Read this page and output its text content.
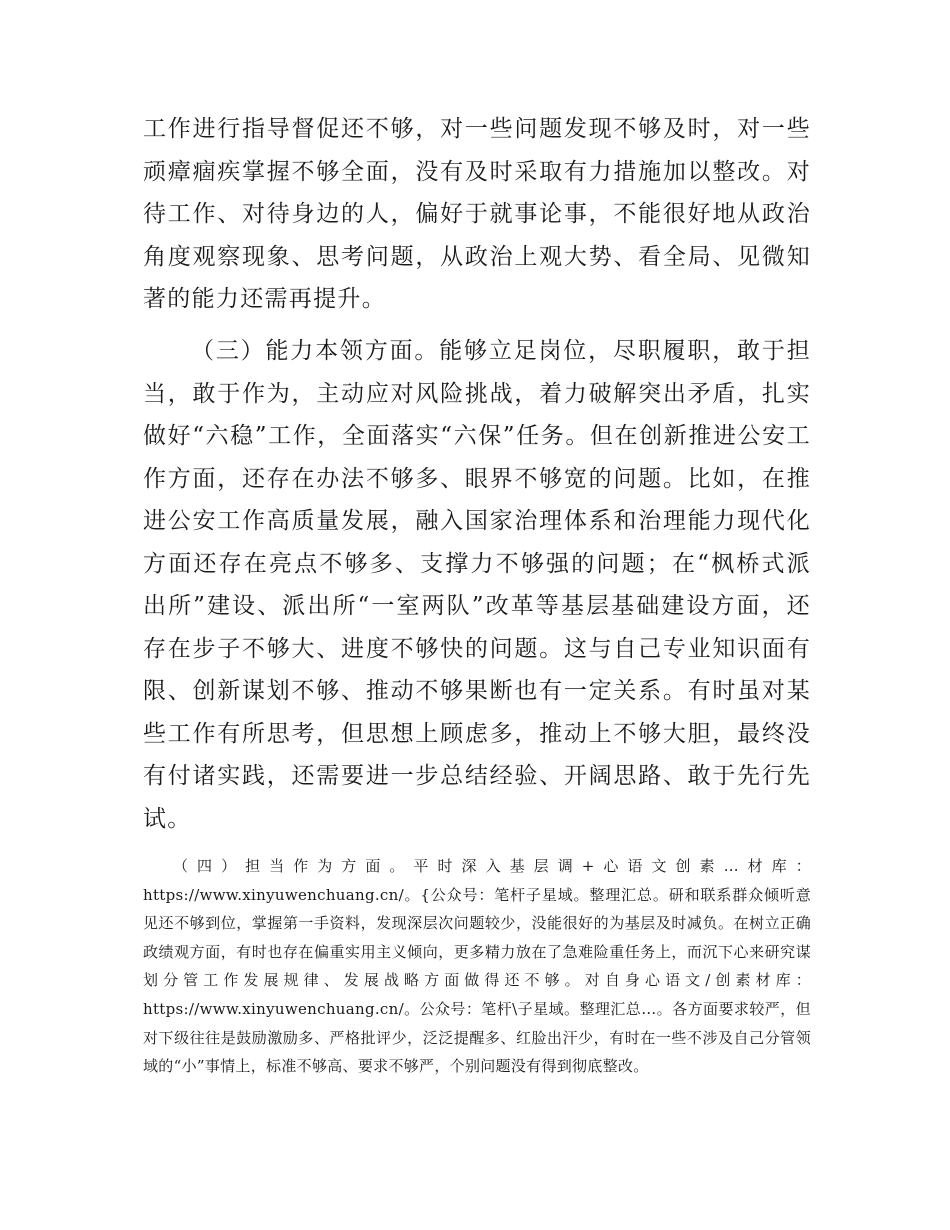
工作进行指导督促还不够，对一些问题发现不够及时，对一些顽瘴痼疾掌握不够全面，没有及时采取有力措施加以整改。对待工作、对待身边的人，偏好于就事论事，不能很好地从政治角度观察现象、思考问题，从政治上观大势、看全局、见微知著的能力还需再提升。

（三）能力本领方面。能够立足岗位，尽职履职，敢于担当，敢于作为，主动应对风险挑战，着力破解突出矛盾，扎实做好“六稳”工作，全面落实“六保”任务。但在创新推进公安工作方面，还存在办法不够多、眼界不够宽的问题。比如，在推进公安工作高质量发展，融入国家治理体系和治理能力现代化方面还存在亮点不够多、支撑力不够强的问题；在“枫桥式派出所”建设、派出所“一室两队”改革等基层基础建设方面，还存在步子不够大、进度不够快的问题。这与自己专业知识面有限、创新谋划不够、推动不够果断也有一定关系。有时虽对某些工作有所思考，但思想上顾虑多，推动上不够大胆，最终没有付诸实践，还需要进一步总结经验、开阔思路、敢于先行先试。

（四）担当作为方面。平时深入基层调+心语文创素…材库：https://www.xinyuwenchuang.cn/。{公众号：笔杆子星域。整理汇总。研和联系群众倾听意见还不够到位，掌握第一手资料，发现深层次问题较少，没能很好的为基层及时减负。在树立正确政绩观方面，有时也存在偏重实用主义倾向，更多精力放在了急难险重任务上，而沉下心来研究谋划分管工作发展规律、发展战略方面做得还不够。对自身心语文/创素材库：https://www.xinyuwenchuang.cn/。公众号：笔杆\子星域。整理汇总…。各方面要求较严，但对下级往往是鼓励激励多、严格批评少，泛泛提醒多、红脸出汗少，有时在一些不涉及自己分管领域的“小”事情上，标准不够高、要求不够严，个别问题没有得到彻底整改。
